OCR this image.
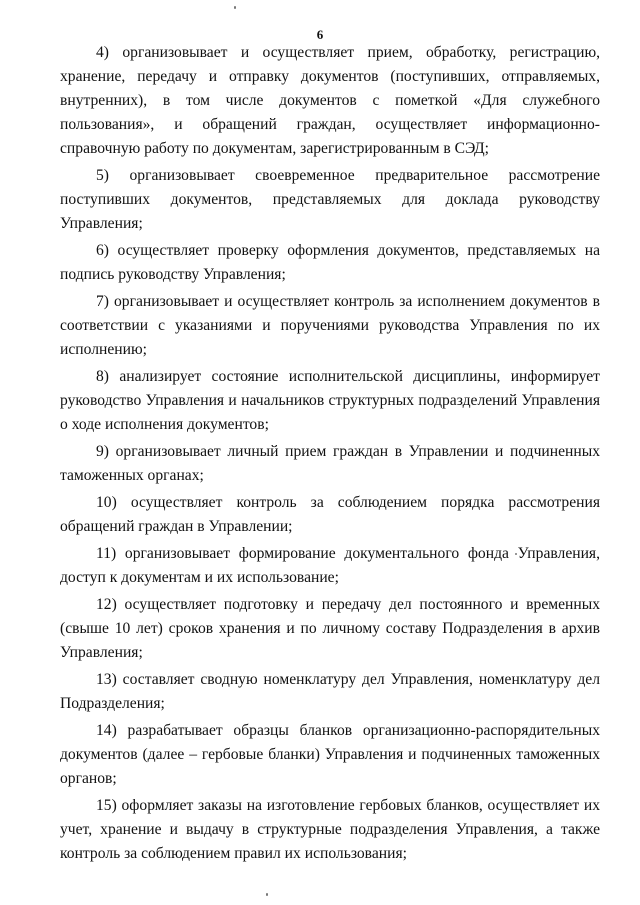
6

4) организовывает и осуществляет прием, обработку, регистрацию, хранение, передачу и отправку документов (поступивших, отправляемых, внутренних), в том числе документов с пометкой «Для служебного пользования», и обращений граждан, осуществляет информационно-справочную работу по документам, зарегистрированным в СЭД;

5) организовывает своевременное предварительное рассмотрение поступивших документов, представляемых для доклада руководству Управления;

6) осуществляет проверку оформления документов, представляемых на подпись руководству Управления;

7) организовывает и осуществляет контроль за исполнением документов в соответствии с указаниями и поручениями руководства Управления по их исполнению;

8) анализирует состояние исполнительской дисциплины, информирует руководство Управления и начальников структурных подразделений Управления о ходе исполнения документов;

9) организовывает личный прием граждан в Управлении и подчиненных таможенных органах;

10) осуществляет контроль за соблюдением порядка рассмотрения обращений граждан в Управлении;

11) организовывает формирование документального фонда Управления, доступ к документам и их использование;

12) осуществляет подготовку и передачу дел постоянного и временных (свыше 10 лет) сроков хранения и по личному составу Подразделения в архив Управления;

13) составляет сводную номенклатуру дел Управления, номенклатуру дел Подразделения;

14) разрабатывает образцы бланков организационно-распорядительных документов (далее – гербовые бланки) Управления и подчиненных таможенных органов;

15) оформляет заказы на изготовление гербовых бланков, осуществляет их учет, хранение и выдачу в структурные подразделения Управления, а также контроль за соблюдением правил их использования;
